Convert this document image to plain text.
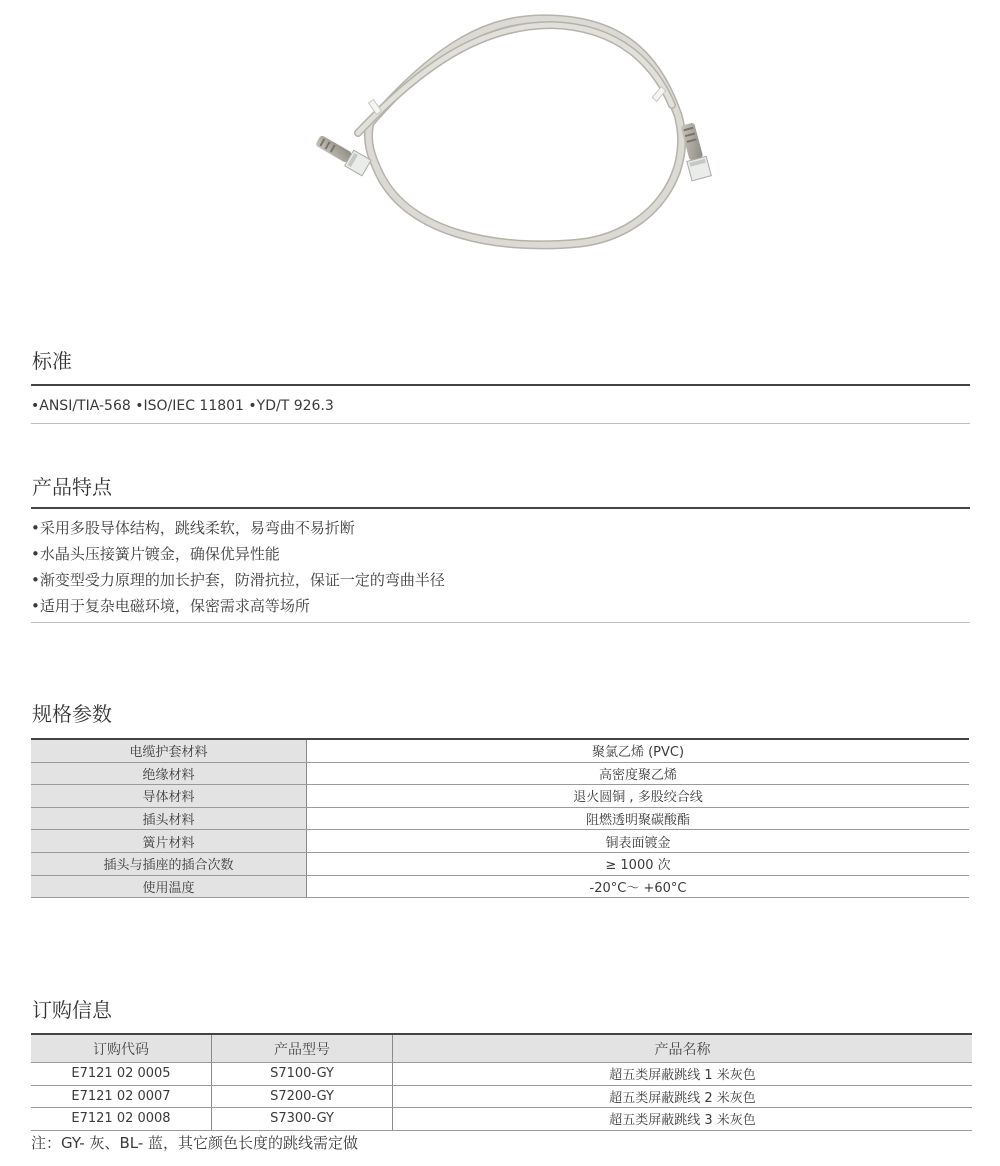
标准
•ANSI/TIA-568 •ISO/IEC 11801 •YD/T 926.3
产品特点
• 采用多股导体结构，跳线柔软，易弯曲不易折断
• 水晶头压接簧片镀金，确保优异性能
• 渐变型受力原理的加长护套，防滑抗拉，保证一定的弯曲半径
• 适用于复杂电磁环境，保密需求高等场所
规格参数
电缆护套材料	聚氯乙烯 (PVC)
绝缘材料	高密度聚乙烯
导体材料	退火圆铜 , 多股绞合线
插头材料	阻燃透明聚碳酸酯
簧片材料	铜表面镀金
插头与插座的插合次数	≥ 1000 次
使用温度	-20°C～ +60°C
订购信息
订购代码	产品型号	产品名称
E7121 02 0005	S7100-GY	超五类屏蔽跳线 1 米灰色
E7121 02 0007	S7200-GY	超五类屏蔽跳线 2 米灰色
E7121 02 0008	S7300-GY	超五类屏蔽跳线 3 米灰色
注：GY- 灰、BL- 蓝，其它颜色长度的跳线需定做
